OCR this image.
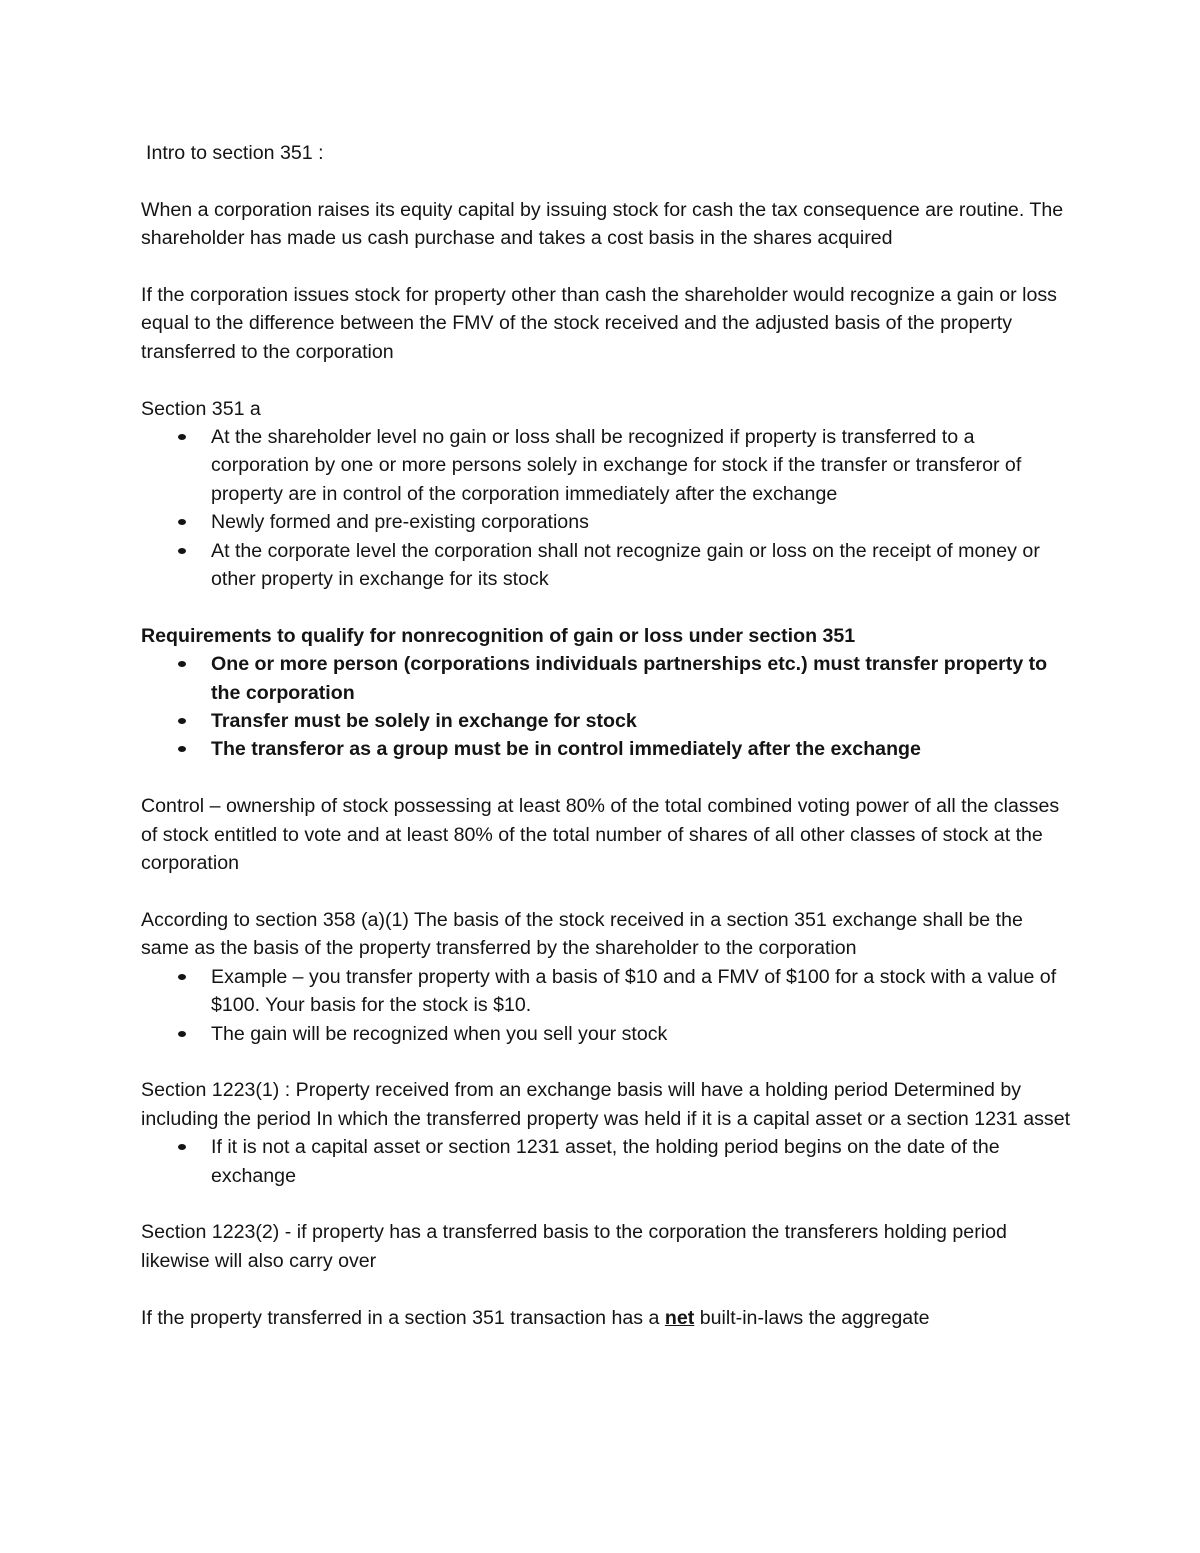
Intro to section 351 :

When a corporation raises its equity capital by issuing stock for cash the tax consequence are routine. The shareholder has made us cash purchase and takes a cost basis in the shares acquired

If the corporation issues stock for property other than cash the shareholder would recognize a gain or loss equal to the difference between the FMV of the stock received and the adjusted basis of the property transferred to the corporation

Section 351 a

At the shareholder level no gain or loss shall be recognized if property is transferred to a corporation by one or more persons solely in exchange for stock if the transfer or transferor of property are in control of the corporation immediately after the exchange
Newly formed and pre-existing corporations
At the corporate level the corporation shall not recognize gain or loss on the receipt of money or other property in exchange for its stock

Requirements to qualify for nonrecognition of gain or loss under section 351

One or more person (corporations individuals partnerships etc.) must transfer property to the corporation
Transfer must be solely in exchange for stock
The transferor as a group must be in control immediately after the exchange

Control – ownership of stock possessing at least 80% of the total combined voting power of all the classes of stock entitled to vote and at least 80% of the total number of shares of all other classes of stock at the corporation

According to section 358 (a)(1) The basis of the stock received in a section 351 exchange shall be the same as the basis of the property transferred by the shareholder to the corporation

Example – you transfer property with a basis of $10 and a FMV of $100 for a stock with a value of $100. Your basis for the stock is $10.
The gain will be recognized when you sell your stock

Section 1223(1) : Property received from an exchange basis will have a holding period Determined by including the period In which the transferred property was held if it is a capital asset or a section 1231 asset

If it is not a capital asset or section 1231 asset, the holding period begins on the date of the exchange

Section 1223(2) - if property has a transferred basis to the corporation the transferers holding period likewise will also carry over

If the property transferred in a section 351 transaction has a net built-in-laws the aggregate
